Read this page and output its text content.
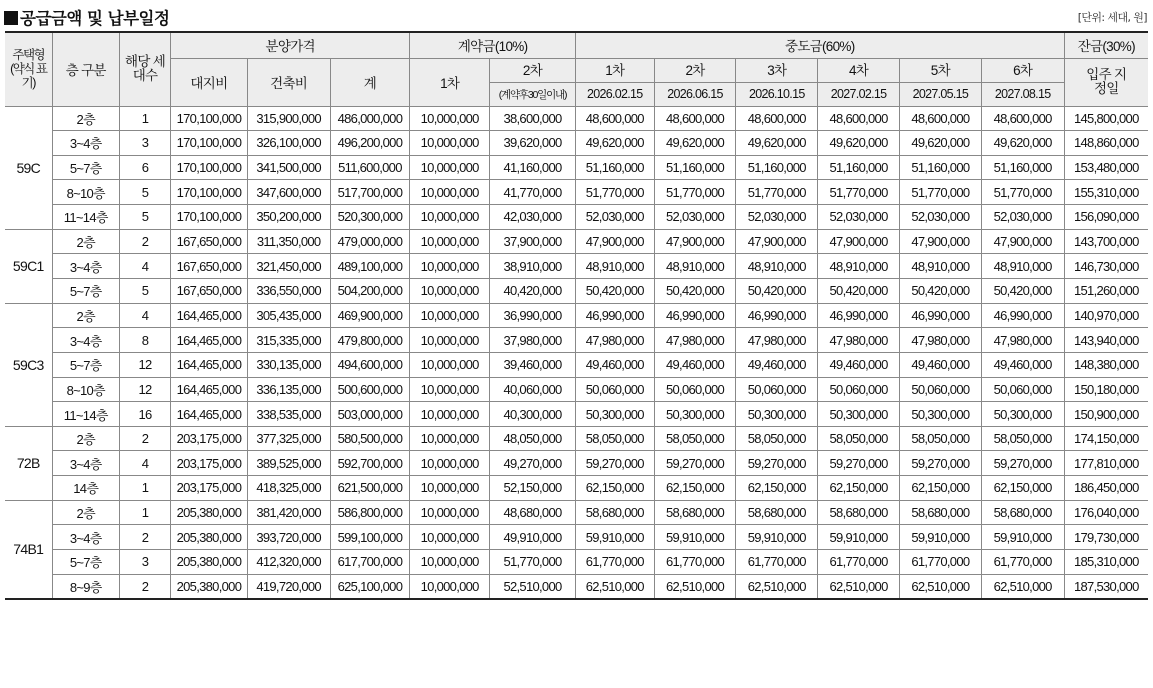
공급금액 및 납부일정	[단위: 세대, 원]
주택형 (약식 표기)	층 구분	해당 세대수	분양가격			계약금(10%)		중도금(60%)						잔금(30%)
			대지비	건축비	계	1차	2차	1차	2차	3차	4차	5차	6차	입주 지정일
							(계약후30일이내)	2026.02.15	2026.06.15	2026.10.15	2027.02.15	2027.05.15	2027.08.15	
59C	2층	1	170,100,000	315,900,000	486,000,000	10,000,000	38,600,000	48,600,000	48,600,000	48,600,000	48,600,000	48,600,000	48,600,000	145,800,000
	3~4층	3	170,100,000	326,100,000	496,200,000	10,000,000	39,620,000	49,620,000	49,620,000	49,620,000	49,620,000	49,620,000	49,620,000	148,860,000
	5~7층	6	170,100,000	341,500,000	511,600,000	10,000,000	41,160,000	51,160,000	51,160,000	51,160,000	51,160,000	51,160,000	51,160,000	153,480,000
	8~10층	5	170,100,000	347,600,000	517,700,000	10,000,000	41,770,000	51,770,000	51,770,000	51,770,000	51,770,000	51,770,000	51,770,000	155,310,000
	11~14층	5	170,100,000	350,200,000	520,300,000	10,000,000	42,030,000	52,030,000	52,030,000	52,030,000	52,030,000	52,030,000	52,030,000	156,090,000
59C1	2층	2	167,650,000	311,350,000	479,000,000	10,000,000	37,900,000	47,900,000	47,900,000	47,900,000	47,900,000	47,900,000	47,900,000	143,700,000
	3~4층	4	167,650,000	321,450,000	489,100,000	10,000,000	38,910,000	48,910,000	48,910,000	48,910,000	48,910,000	48,910,000	48,910,000	146,730,000
	5~7층	5	167,650,000	336,550,000	504,200,000	10,000,000	40,420,000	50,420,000	50,420,000	50,420,000	50,420,000	50,420,000	50,420,000	151,260,000
59C3	2층	4	164,465,000	305,435,000	469,900,000	10,000,000	36,990,000	46,990,000	46,990,000	46,990,000	46,990,000	46,990,000	46,990,000	140,970,000
	3~4층	8	164,465,000	315,335,000	479,800,000	10,000,000	37,980,000	47,980,000	47,980,000	47,980,000	47,980,000	47,980,000	47,980,000	143,940,000
	5~7층	12	164,465,000	330,135,000	494,600,000	10,000,000	39,460,000	49,460,000	49,460,000	49,460,000	49,460,000	49,460,000	49,460,000	148,380,000
	8~10층	12	164,465,000	336,135,000	500,600,000	10,000,000	40,060,000	50,060,000	50,060,000	50,060,000	50,060,000	50,060,000	50,060,000	150,180,000
	11~14층	16	164,465,000	338,535,000	503,000,000	10,000,000	40,300,000	50,300,000	50,300,000	50,300,000	50,300,000	50,300,000	50,300,000	150,900,000
72B	2층	2	203,175,000	377,325,000	580,500,000	10,000,000	48,050,000	58,050,000	58,050,000	58,050,000	58,050,000	58,050,000	58,050,000	174,150,000
	3~4층	4	203,175,000	389,525,000	592,700,000	10,000,000	49,270,000	59,270,000	59,270,000	59,270,000	59,270,000	59,270,000	59,270,000	177,810,000
	14층	1	203,175,000	418,325,000	621,500,000	10,000,000	52,150,000	62,150,000	62,150,000	62,150,000	62,150,000	62,150,000	62,150,000	186,450,000
74B1	2층	1	205,380,000	381,420,000	586,800,000	10,000,000	48,680,000	58,680,000	58,680,000	58,680,000	58,680,000	58,680,000	58,680,000	176,040,000
	3~4층	2	205,380,000	393,720,000	599,100,000	10,000,000	49,910,000	59,910,000	59,910,000	59,910,000	59,910,000	59,910,000	59,910,000	179,730,000
	5~7층	3	205,380,000	412,320,000	617,700,000	10,000,000	51,770,000	61,770,000	61,770,000	61,770,000	61,770,000	61,770,000	61,770,000	185,310,000
	8~9층	2	205,380,000	419,720,000	625,100,000	10,000,000	52,510,000	62,510,000	62,510,000	62,510,000	62,510,000	62,510,000	62,510,000	187,530,000
